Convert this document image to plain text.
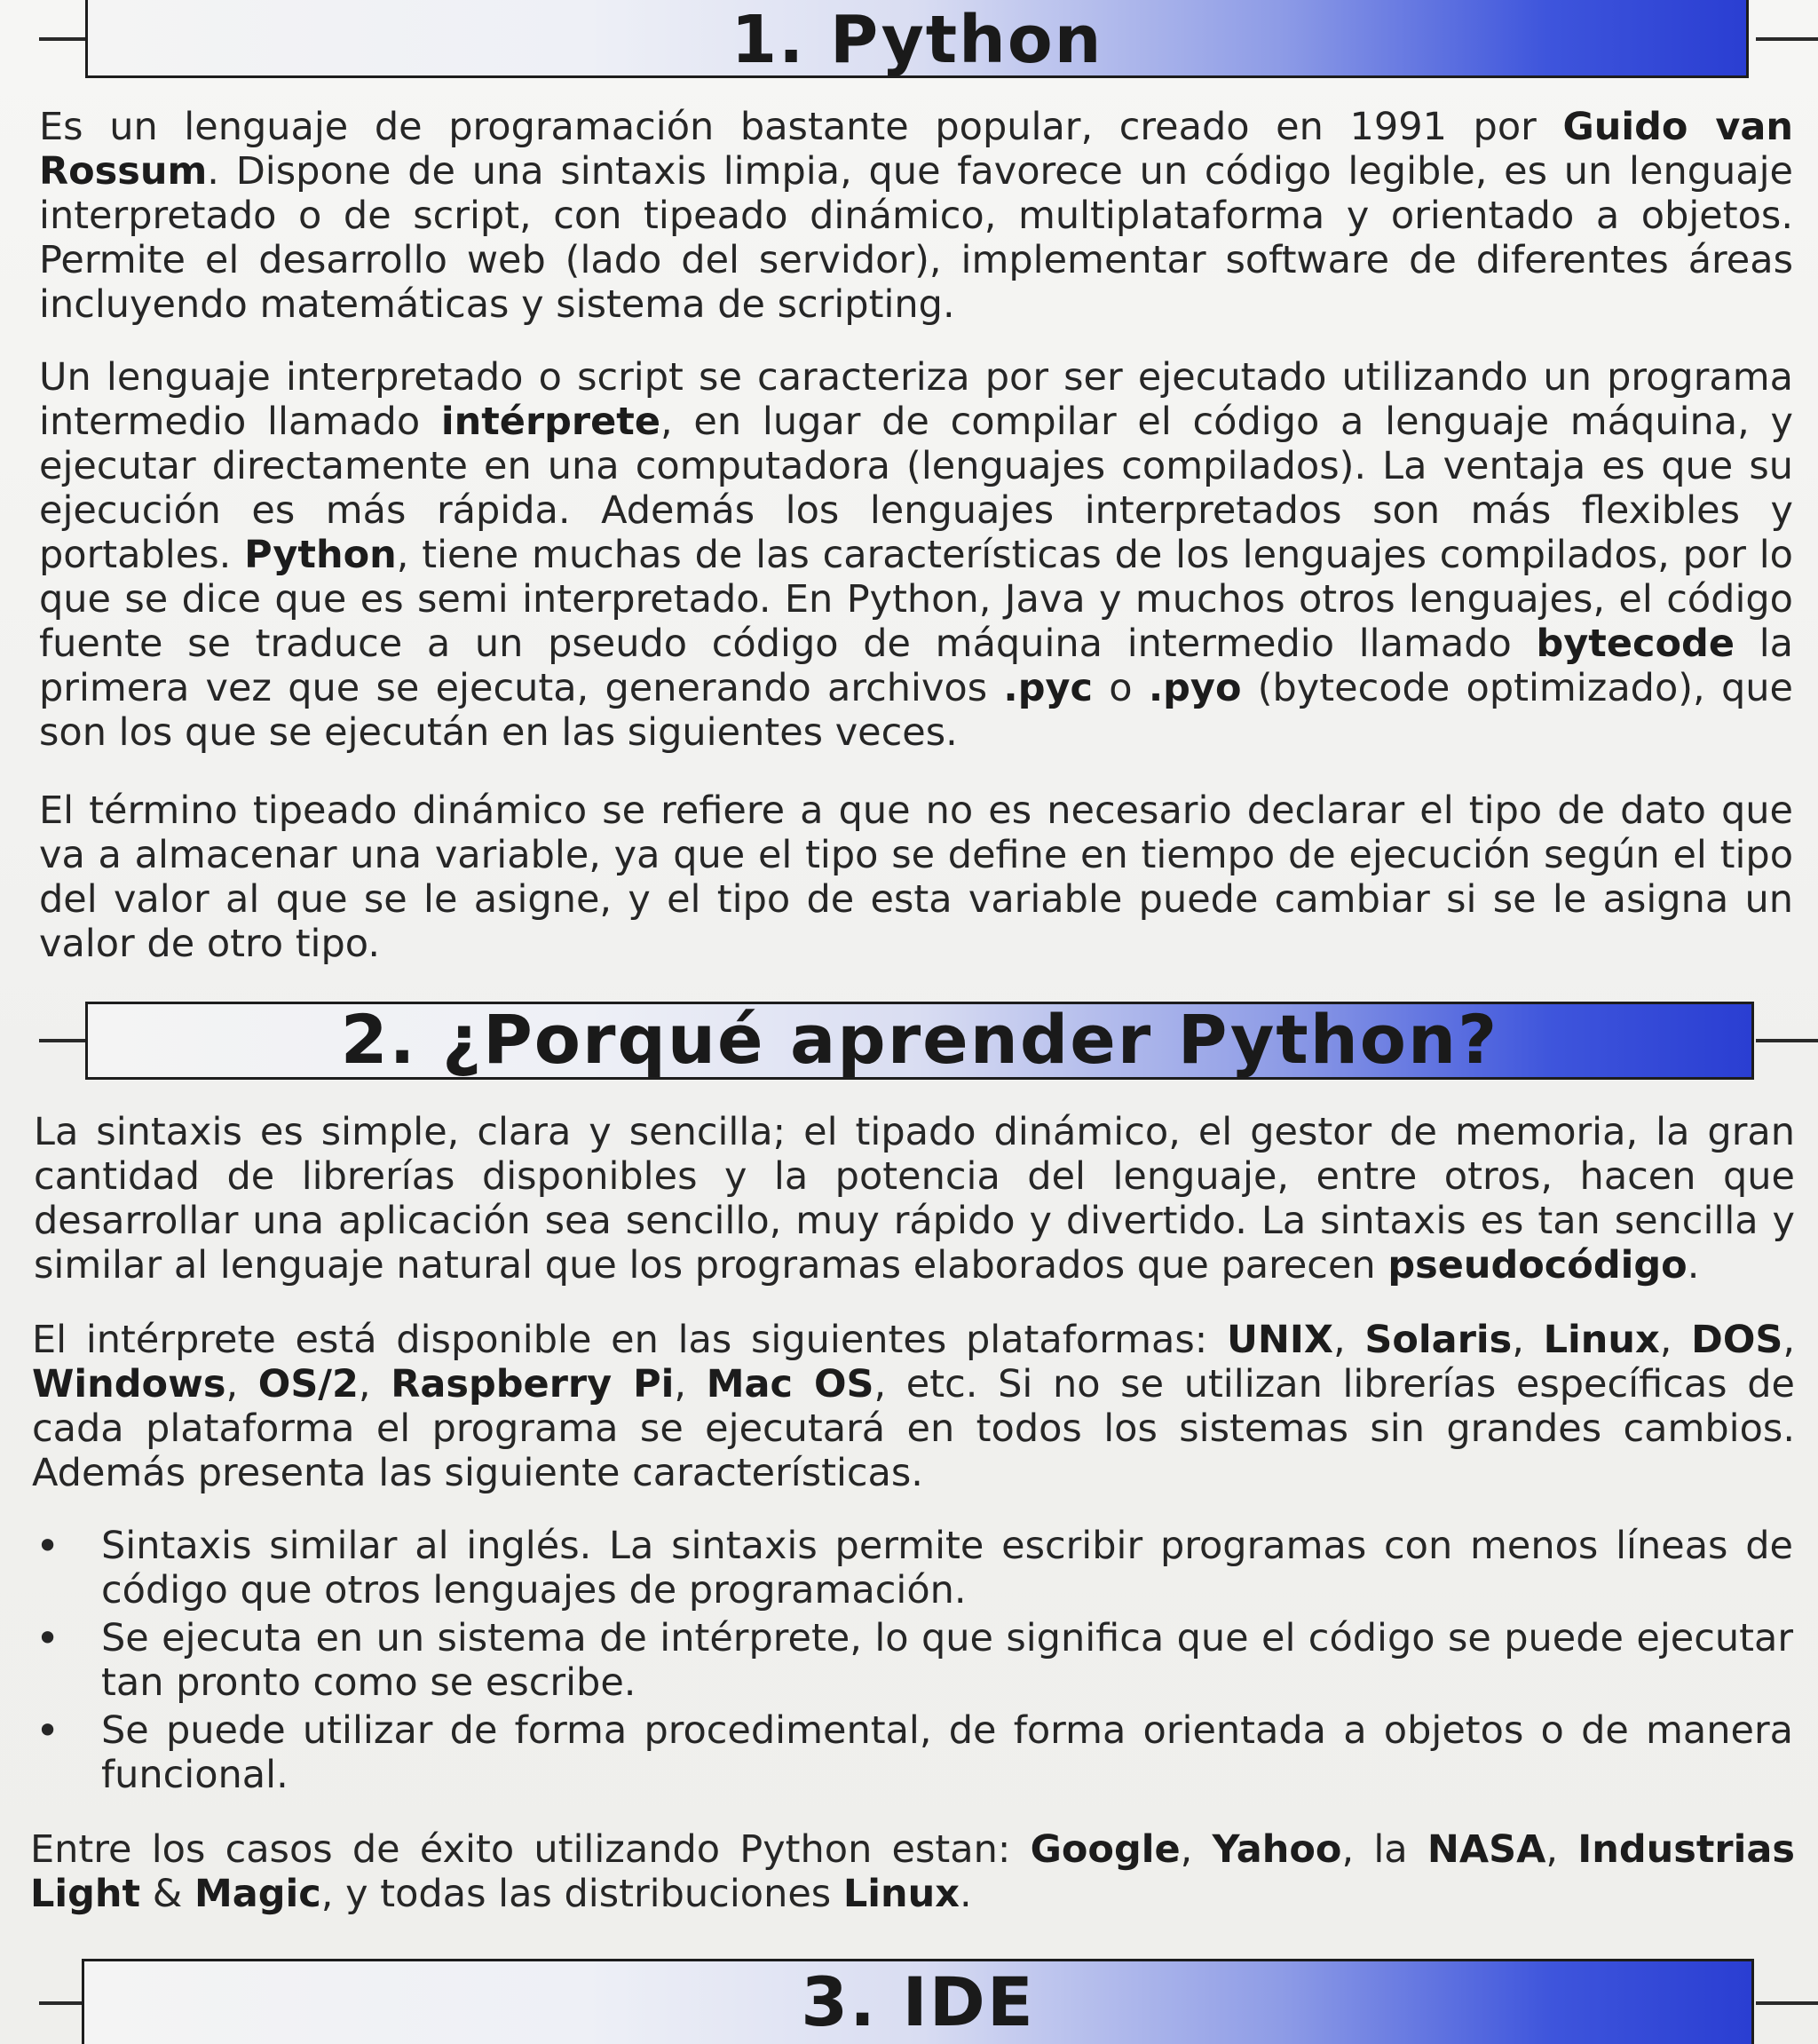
1. Python

Es un lenguaje de programación bastante popular, creado en 1991 por Guido van Rossum. Dispone de una sintaxis limpia, que favorece un código legible, es un lenguaje interpretado o de script, con tipeado dinámico, multiplataforma y orientado a objetos. Permite el desarrollo web (lado del servidor), implementar software de diferentes áreas incluyendo matemáticas y sistema de scripting.

Un lenguaje interpretado o script se caracteriza por ser ejecutado utilizando un programa intermedio llamado intérprete, en lugar de compilar el código a lenguaje máquina, y ejecutar directamente en una computadora (lenguajes compilados). La ventaja es que su ejecución es más rápida. Además los lenguajes interpretados son más flexibles y portables. Python, tiene muchas de las características de los lenguajes compilados, por lo que se dice que es semi interpretado. En Python, Java y muchos otros lenguajes, el código fuente se traduce a un pseudo código de máquina intermedio llamado bytecode la primera vez que se ejecuta, generando archivos .pyc o .pyo (bytecode optimizado), que son los que se ejecután en las siguientes veces.

El término tipeado dinámico se refiere a que no es necesario declarar el tipo de dato que va a almacenar una variable, ya que el tipo se define en tiempo de ejecución según el tipo del valor al que se le asigne, y el tipo de esta variable puede cambiar si se le asigna un valor de otro tipo.

2. ¿Porqué aprender Python?

La sintaxis es simple, clara y sencilla; el tipado dinámico, el gestor de memoria, la gran cantidad de librerías disponibles y la potencia del lenguaje, entre otros, hacen que desarrollar una aplicación sea sencillo, muy rápido y divertido. La sintaxis es tan sencilla y similar al lenguaje natural que los programas elaborados que parecen pseudocódigo.

El intérprete está disponible en las siguientes plataformas: UNIX, Solaris, Linux, DOS, Windows, OS/2, Raspberry Pi, Mac OS, etc. Si no se utilizan librerías específicas de cada plataforma el programa se ejecutará en todos los sistemas sin grandes cambios. Además presenta las siguiente características.

• Sintaxis similar al inglés. La sintaxis permite escribir programas con menos líneas de código que otros lenguajes de programación.
• Se ejecuta en un sistema de intérprete, lo que significa que el código se puede ejecutar tan pronto como se escribe.
• Se puede utilizar de forma procedimental, de forma orientada a objetos o de manera funcional.

Entre los casos de éxito utilizando Python estan: Google, Yahoo, la NASA, Industrias Light & Magic, y todas las distribuciones Linux.

3. IDE
